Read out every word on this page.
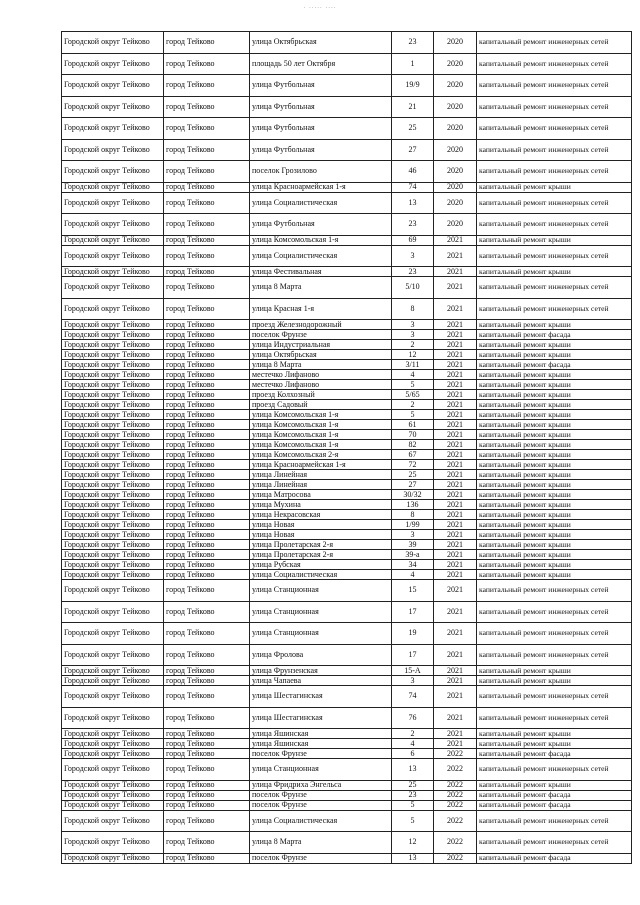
. ..... ....
Городской округ Тейково	город Тейково	улица Октябрьская	23	2020	капитальный ремонт инженерных сетей
Городской округ Тейково	город Тейково	площадь 50 лет Октября	1	2020	капитальный ремонт инженерных сетей
Городской округ Тейково	город Тейково	улица Футбольная	19/9	2020	капитальный ремонт инженерных сетей
Городской округ Тейково	город Тейково	улица Футбольная	21	2020	капитальный ремонт инженерных сетей
Городской округ Тейково	город Тейково	улица Футбольная	25	2020	капитальный ремонт инженерных сетей
Городской округ Тейково	город Тейково	улица Футбольная	27	2020	капитальный ремонт инженерных сетей
Городской округ Тейково	город Тейково	поселок Грозилово	46	2020	капитальный ремонт инженерных сетей
Городской округ Тейково	город Тейково	улица Красноармейская 1-я	74	2020	капитальный ремонт крыши
Городской округ Тейково	город Тейково	улица Социалистическая	13	2020	капитальный ремонт инженерных сетей
Городской округ Тейково	город Тейково	улица Футбольная	23	2020	капитальный ремонт инженерных сетей
Городской округ Тейково	город Тейково	улица Комсомольская 1-я	69	2021	капитальный ремонт крыши
Городской округ Тейково	город Тейково	улица Социалистическая	3	2021	капитальный ремонт инженерных сетей
Городской округ Тейково	город Тейково	улица Фестивальная	23	2021	капитальный ремонт крыши
Городской округ Тейково	город Тейково	улица 8 Марта	5/10	2021	капитальный ремонт инженерных сетей
Городской округ Тейково	город Тейково	улица Красная 1-я	8	2021	капитальный ремонт инженерных сетей
Городской округ Тейково	город Тейково	проезд Железнодорожный	3	2021	капитальный ремонт крыши
Городской округ Тейково	город Тейково	поселок Фрунзе	3	2021	капитальный ремонт фасада
Городской округ Тейково	город Тейково	улица Индустриальная	2	2021	капитальный ремонт крыши
Городской округ Тейково	город Тейково	улица Октябрьская	12	2021	капитальный ремонт крыши
Городской округ Тейково	город Тейково	улица 8 Марта	3/11	2021	капитальный ремонт фасада
Городской округ Тейково	город Тейково	местечко Лифаново	4	2021	капитальный ремонт крыши
Городской округ Тейково	город Тейково	местечко Лифаново	5	2021	капитальный ремонт крыши
Городской округ Тейково	город Тейково	проезд Колхозный	5/65	2021	капитальный ремонт крыши
Городской округ Тейково	город Тейково	проезд Садовый	2	2021	капитальный ремонт крыши
Городской округ Тейково	город Тейково	улица Комсомольская 1-я	5	2021	капитальный ремонт крыши
Городской округ Тейково	город Тейково	улица Комсомольская 1-я	61	2021	капитальный ремонт крыши
Городской округ Тейково	город Тейково	улица Комсомольская 1-я	70	2021	капитальный ремонт крыши
Городской округ Тейково	город Тейково	улица Комсомольская 1-я	82	2021	капитальный ремонт крыши
Городской округ Тейково	город Тейково	улица Комсомольская 2-я	67	2021	капитальный ремонт крыши
Городской округ Тейково	город Тейково	улица Красноармейская 1-я	72	2021	капитальный ремонт крыши
Городской округ Тейково	город Тейково	улица Линейная	25	2021	капитальный ремонт крыши
Городской округ Тейково	город Тейково	улица Линейная	27	2021	капитальный ремонт крыши
Городской округ Тейково	город Тейково	улица Матросова	30/32	2021	капитальный ремонт крыши
Городской округ Тейково	город Тейково	улица Мухина	136	2021	капитальный ремонт крыши
Городской округ Тейково	город Тейково	улица Некрасовская	8	2021	капитальный ремонт крыши
Городской округ Тейково	город Тейково	улица Новая	1/99	2021	капитальный ремонт крыши
Городской округ Тейково	город Тейково	улица Новая	3	2021	капитальный ремонт крыши
Городской округ Тейково	город Тейково	улица Пролетарская 2-я	39	2021	капитальный ремонт крыши
Городской округ Тейково	город Тейково	улица Пролетарская 2-я	39-а	2021	капитальный ремонт крыши
Городской округ Тейково	город Тейково	улица Рубская	34	2021	капитальный ремонт крыши
Городской округ Тейково	город Тейково	улица Социалистическая	4	2021	капитальный ремонт крыши
Городской округ Тейково	город Тейково	улица Станционная	15	2021	капитальный ремонт инженерных сетей
Городской округ Тейково	город Тейково	улица Станционная	17	2021	капитальный ремонт инженерных сетей
Городской округ Тейково	город Тейково	улица Станционная	19	2021	капитальный ремонт инженерных сетей
Городской округ Тейково	город Тейково	улица Фролова	17	2021	капитальный ремонт инженерных сетей
Городской округ Тейково	город Тейково	улица Фрунзенская	15-А	2021	капитальный ремонт крыши
Городской округ Тейково	город Тейково	улица Чапаева	3	2021	капитальный ремонт крыши
Городской округ Тейково	город Тейково	улица Шестагинская	74	2021	капитальный ремонт инженерных сетей
Городской округ Тейково	город Тейково	улица Шестагинская	76	2021	капитальный ремонт инженерных сетей
Городской округ Тейково	город Тейково	улица Яшинская	2	2021	капитальный ремонт крыши
Городской округ Тейково	город Тейково	улица Яшинская	4	2021	капитальный ремонт крыши
Городской округ Тейково	город Тейково	поселок Фрунзе	6	2022	капитальный ремонт фасада
Городской округ Тейково	город Тейково	улица Станционная	13	2022	капитальный ремонт инженерных сетей
Городской округ Тейково	город Тейково	улица Фридриха Энгельса	25	2022	капитальный ремонт крыши
Городской округ Тейково	город Тейково	поселок Фрунзе	23	2022	капитальный ремонт фасада
Городской округ Тейково	город Тейково	поселок Фрунзе	5	2022	капитальный ремонт фасада
Городской округ Тейково	город Тейково	улица Социалистическая	5	2022	капитальный ремонт инженерных сетей
Городской округ Тейково	город Тейково	улица 8 Марта	12	2022	капитальный ремонт инженерных сетей
Городской округ Тейково	город Тейково	поселок Фрунзе	13	2022	капитальный ремонт фасада
